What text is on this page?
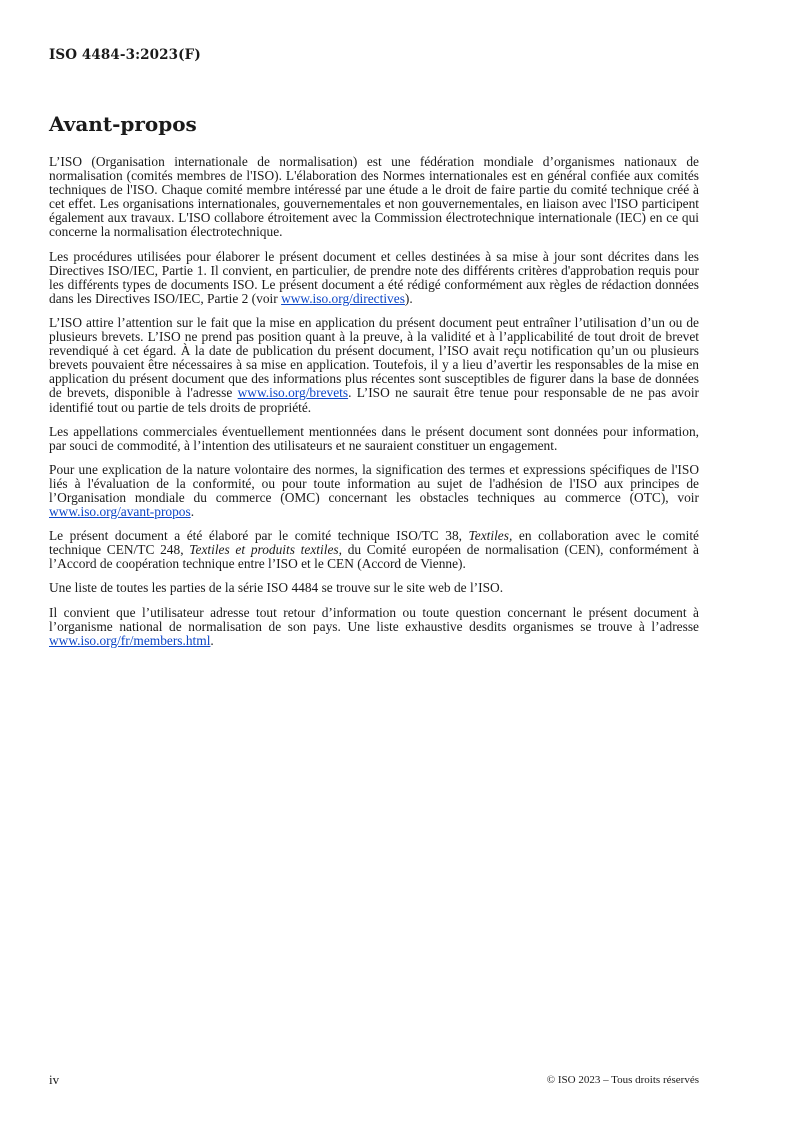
ISO 4484-3:2023(F)

Avant-propos

L’ISO (Organisation internationale de normalisation) est une fédération mondiale d’organismes nationaux de normalisation (comités membres de l'ISO). L'élaboration des Normes internationales est en général confiée aux comités techniques de l'ISO. Chaque comité membre intéressé par une étude a le droit de faire partie du comité technique créé à cet effet. Les organisations internationales, gouvernementales et non gouvernementales, en liaison avec l'ISO participent également aux travaux. L'ISO collabore étroitement avec la Commission électrotechnique internationale (IEC) en ce qui concerne la normalisation électrotechnique.

Les procédures utilisées pour élaborer le présent document et celles destinées à sa mise à jour sont décrites dans les Directives ISO/IEC, Partie 1. Il convient, en particulier, de prendre note des différents critères d'approbation requis pour les différents types de documents ISO. Le présent document a été rédigé conformément aux règles de rédaction données dans les Directives ISO/IEC, Partie 2 (voir www.iso.org/directives).

L’ISO attire l’attention sur le fait que la mise en application du présent document peut entraîner l’utilisation d’un ou de plusieurs brevets. L’ISO ne prend pas position quant à la preuve, à la validité et à l’applicabilité de tout droit de brevet revendiqué à cet égard. À la date de publication du présent document, l’ISO avait reçu notification qu’un ou plusieurs brevets pouvaient être nécessaires à sa mise en application. Toutefois, il y a lieu d’avertir les responsables de la mise en application du présent document que des informations plus récentes sont susceptibles de figurer dans la base de données de brevets, disponible à l'adresse www.iso.org/brevets. L’ISO ne saurait être tenue pour responsable de ne pas avoir identifié tout ou partie de tels droits de propriété.

Les appellations commerciales éventuellement mentionnées dans le présent document sont données pour information, par souci de commodité, à l’intention des utilisateurs et ne sauraient constituer un engagement.

Pour une explication de la nature volontaire des normes, la signification des termes et expressions spécifiques de l'ISO liés à l'évaluation de la conformité, ou pour toute information au sujet de l'adhésion de l'ISO aux principes de l’Organisation mondiale du commerce (OMC) concernant les obstacles techniques au commerce (OTC), voir www.iso.org/avant-propos.

Le présent document a été élaboré par le comité technique ISO/TC 38, Textiles, en collaboration avec le comité technique CEN/TC 248, Textiles et produits textiles, du Comité européen de normalisation (CEN), conformément à l’Accord de coopération technique entre l’ISO et le CEN (Accord de Vienne).

Une liste de toutes les parties de la série ISO 4484 se trouve sur le site web de l’ISO.

Il convient que l’utilisateur adresse tout retour d’information ou toute question concernant le présent document à l’organisme national de normalisation de son pays. Une liste exhaustive desdits organismes se trouve à l’adresse www.iso.org/fr/members.html.

iv	© ISO 2023 – Tous droits réservés
